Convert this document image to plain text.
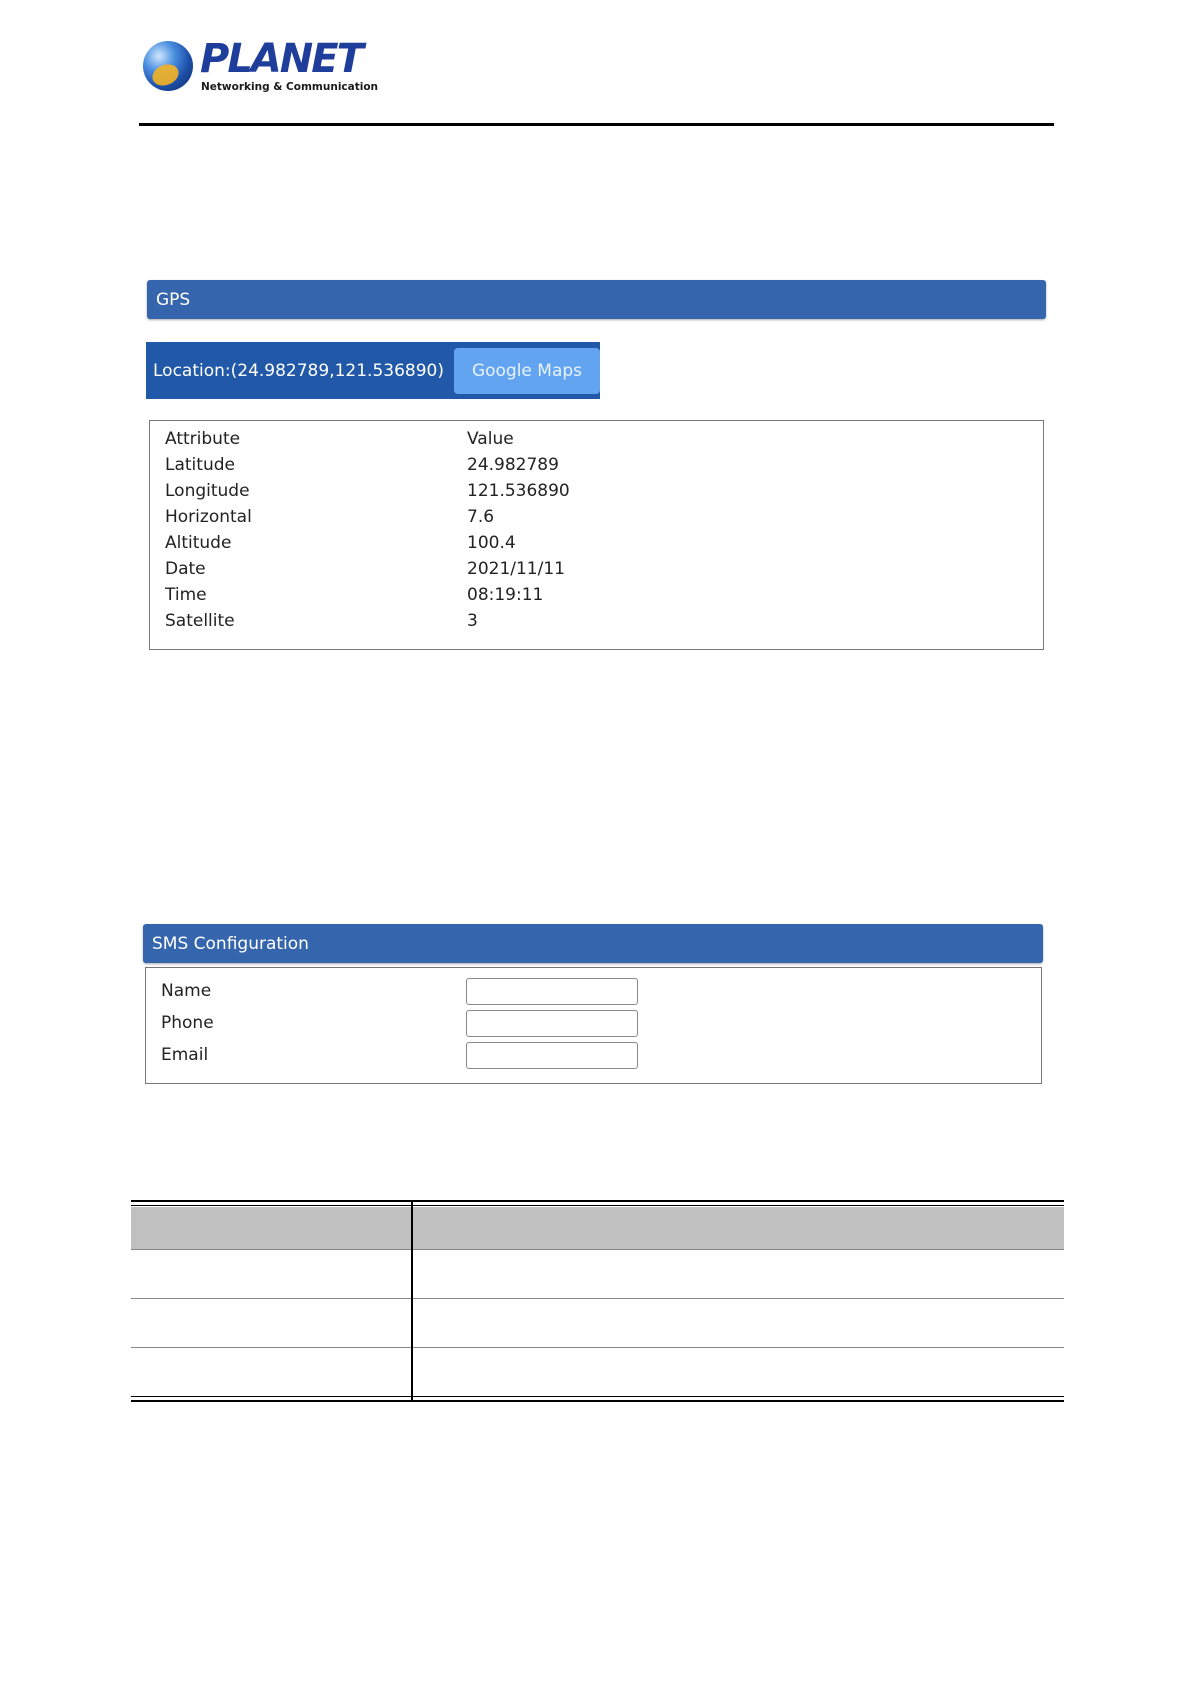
PLANET
Networking & Communication
GPS
Location:(24.982789,121.536890)	Google Maps
Attribute	Value
Latitude	24.982789
Longitude	121.536890
Horizontal	7.6
Altitude	100.4
Date	2021/11/11
Time	08:19:11
Satellite	3
SMS Configuration
Name
Phone
Email
